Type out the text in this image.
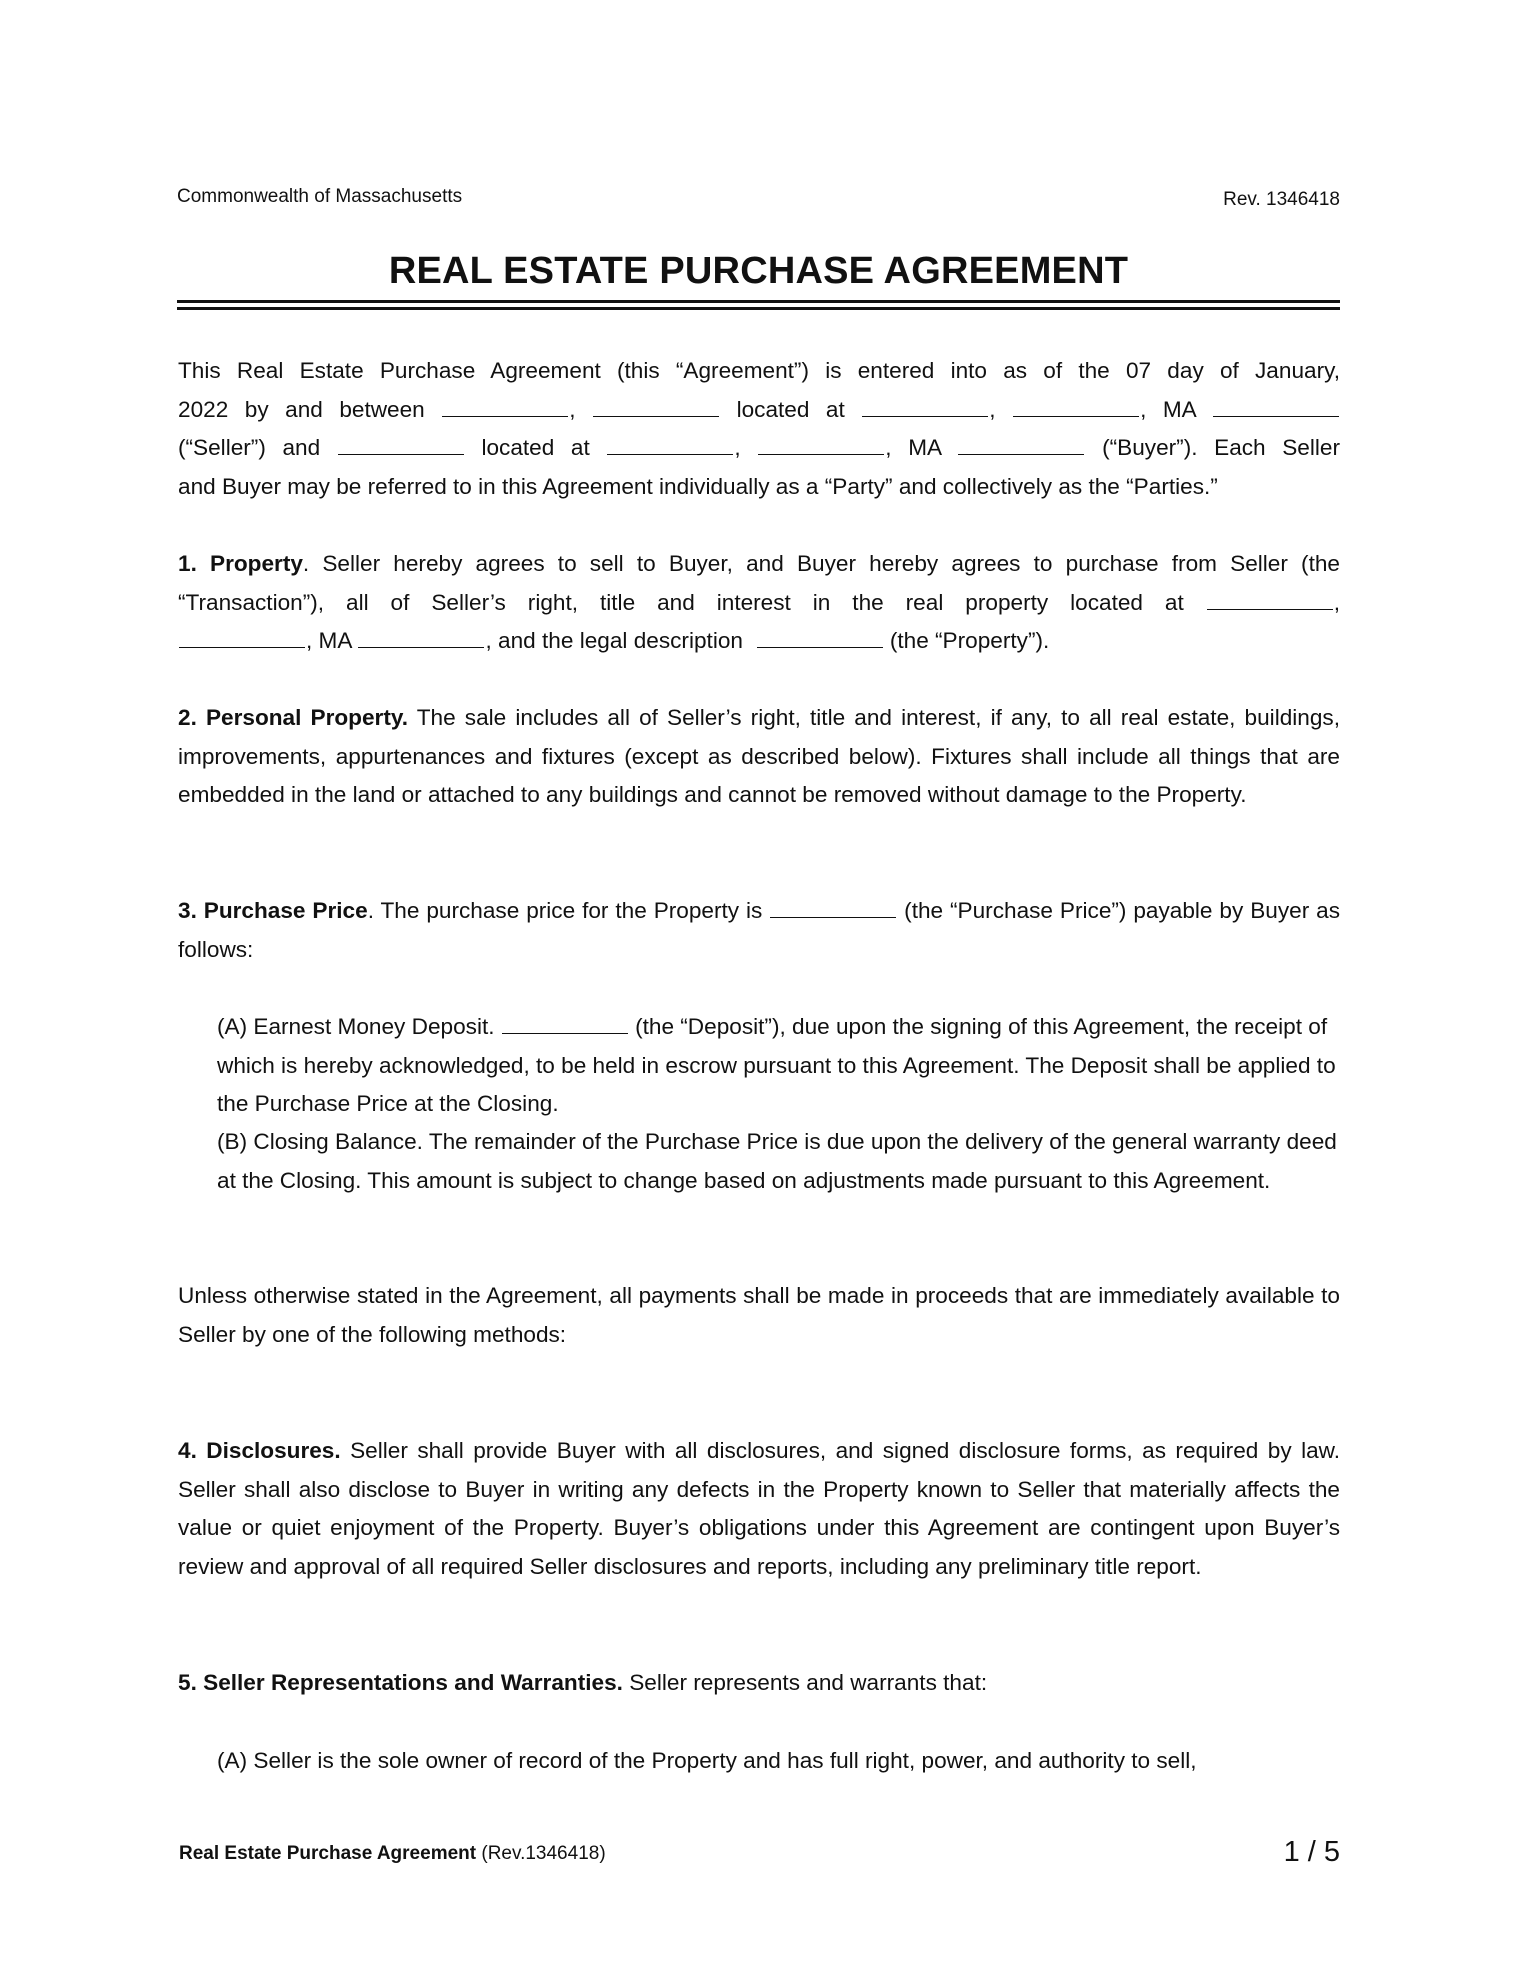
Commonwealth of Massachusetts	Rev. 1346418
REAL ESTATE PURCHASE AGREEMENT
This Real Estate Purchase Agreement (this “Agreement”) is entered into as of the 07 day of January,
2022 by and between	,	located at	,	, MA
(“Seller”) and	located at	,	, MA	(“Buyer”). Each Seller
and Buyer may be referred to in this Agreement individually as a “Party” and collectively as the “Parties.”
1. Property. Seller hereby agrees to sell to Buyer, and Buyer hereby agrees to purchase from Seller (the
“Transaction”), all of Seller’s right, title and interest in the real property located at	,
, MA	, and the legal description	(the “Property”).
2. Personal Property. The sale includes all of Seller’s right, title and interest, if any, to all real estate, buildings, improvements, appurtenances and fixtures (except as described below). Fixtures shall include all things that are embedded in the land or attached to any buildings and cannot be removed without damage to the Property.
3. Purchase Price. The purchase price for the Property is	(the “Purchase Price”) payable by Buyer as follows:
(A) Earnest Money Deposit.	(the “Deposit”), due upon the signing of this Agreement, the receipt of which is hereby acknowledged, to be held in escrow pursuant to this Agreement. The Deposit shall be applied to the Purchase Price at the Closing.
(B) Closing Balance. The remainder of the Purchase Price is due upon the delivery of the general warranty deed at the Closing. This amount is subject to change based on adjustments made pursuant to this Agreement.
Unless otherwise stated in the Agreement, all payments shall be made in proceeds that are immediately available to Seller by one of the following methods:
4. Disclosures. Seller shall provide Buyer with all disclosures, and signed disclosure forms, as required by law. Seller shall also disclose to Buyer in writing any defects in the Property known to Seller that materially affects the value or quiet enjoyment of the Property. Buyer’s obligations under this Agreement are contingent upon Buyer’s review and approval of all required Seller disclosures and reports, including any preliminary title report.
5. Seller Representations and Warranties. Seller represents and warrants that:
(A) Seller is the sole owner of record of the Property and has full right, power, and authority to sell,
Real Estate Purchase Agreement (Rev.1346418)	1 / 5
